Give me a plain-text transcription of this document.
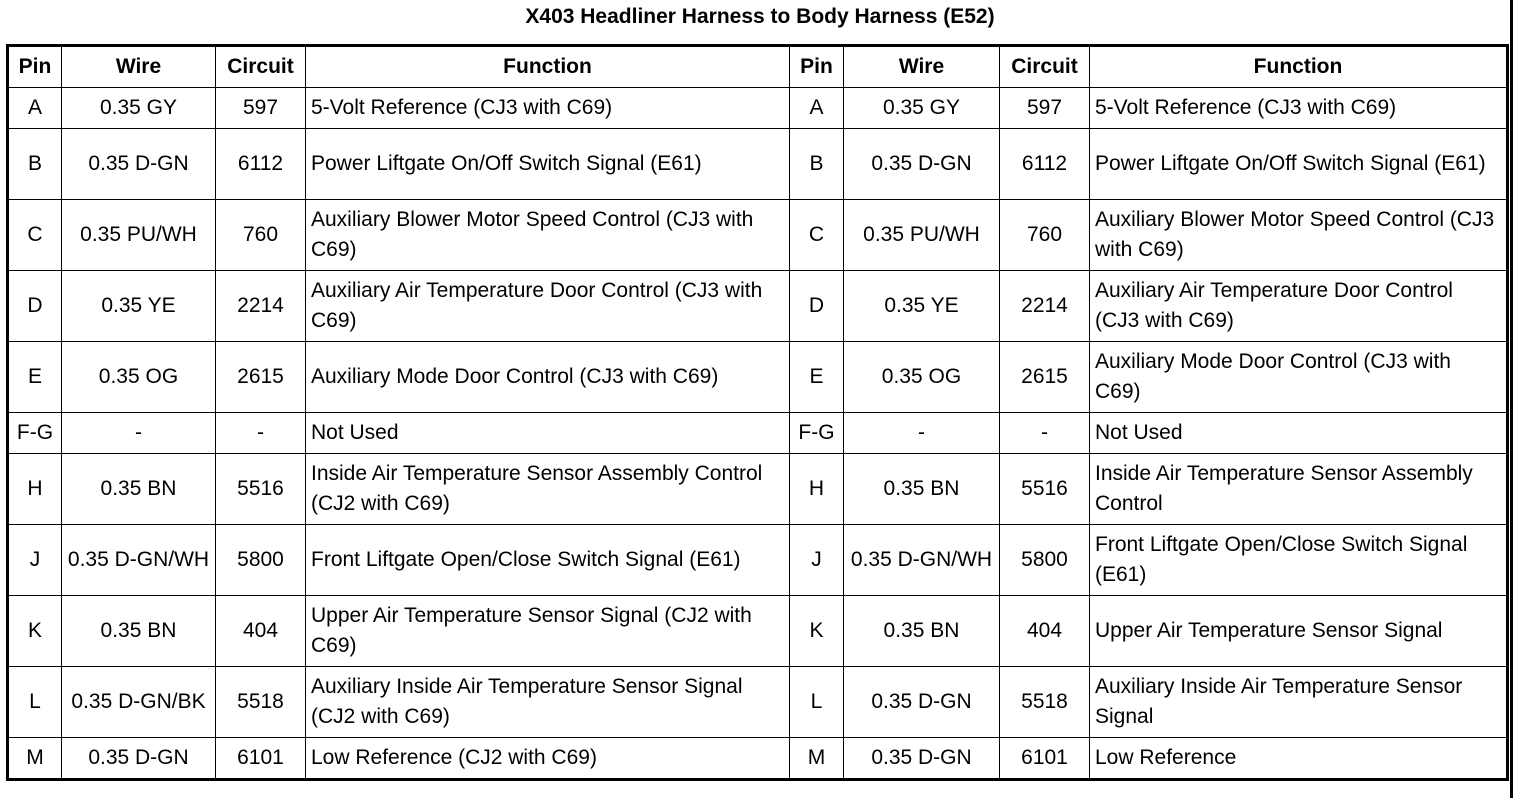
X403 Headliner Harness to Body Harness (E52)
Pin	Wire	Circuit	Function	Pin	Wire	Circuit	Function
A	0.35 GY	597	5-Volt Reference (CJ3 with C69)	A	0.35 GY	597	5-Volt Reference (CJ3 with C69)
B	0.35 D-GN	6112	Power Liftgate On/Off Switch Signal (E61)	B	0.35 D-GN	6112	Power Liftgate On/Off Switch Signal (E61)
C	0.35 PU/WH	760	Auxiliary Blower Motor Speed Control (CJ3 with C69)	C	0.35 PU/WH	760	Auxiliary Blower Motor Speed Control (CJ3 with C69)
D	0.35 YE	2214	Auxiliary Air Temperature Door Control (CJ3 with C69)	D	0.35 YE	2214	Auxiliary Air Temperature Door Control (CJ3 with C69)
E	0.35 OG	2615	Auxiliary Mode Door Control (CJ3 with C69)	E	0.35 OG	2615	Auxiliary Mode Door Control (CJ3 with C69)
F-G	-	-	Not Used	F-G	-	-	Not Used
H	0.35 BN	5516	Inside Air Temperature Sensor Assembly Control (CJ2 with C69)	H	0.35 BN	5516	Inside Air Temperature Sensor Assembly Control
J	0.35 D-GN/WH	5800	Front Liftgate Open/Close Switch Signal (E61)	J	0.35 D-GN/WH	5800	Front Liftgate Open/Close Switch Signal (E61)
K	0.35 BN	404	Upper Air Temperature Sensor Signal (CJ2 with C69)	K	0.35 BN	404	Upper Air Temperature Sensor Signal
L	0.35 D-GN/BK	5518	Auxiliary Inside Air Temperature Sensor Signal (CJ2 with C69)	L	0.35 D-GN	5518	Auxiliary Inside Air Temperature Sensor Signal
M	0.35 D-GN	6101	Low Reference (CJ2 with C69)	M	0.35 D-GN	6101	Low Reference
